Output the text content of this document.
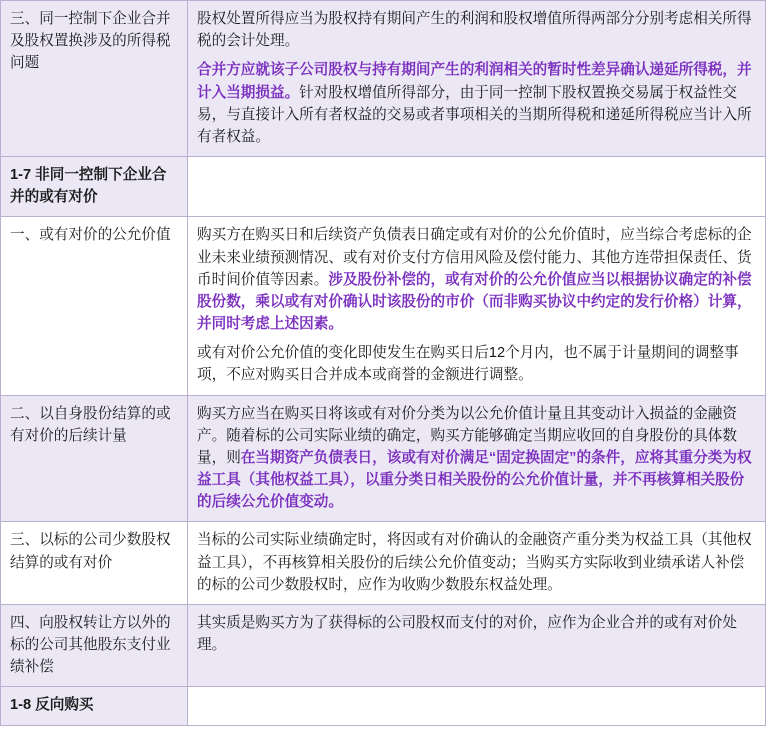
三、同一控制下企业合并及股权置换涉及的所得税问题	股权处置所得应当为股权持有期间产生的利润和股权增值所得两部分分别考虑相关所得税的会计处理。

合并方应就该子公司股权与持有期间产生的利润相关的暂时性差异确认递延所得税，并计入当期损益。针对股权增值所得部分，由于同一控制下股权置换交易属于权益性交易，与直接计入所有者权益的交易或者事项相关的当期所得税和递延所得税应当计入所有者权益。

1-7 非同一控制下企业合并的或有对价	
一、或有对价的公允价值	购买方在购买日和后续资产负债表日确定或有对价的公允价值时，应当综合考虑标的企业未来业绩预测情况、或有对价支付方信用风险及偿付能力、其他方连带担保责任、货币时间价值等因素。涉及股份补偿的，或有对价的公允价值应当以根据协议确定的补偿股份数，乘以或有对价确认时该股份的市价（而非购买协议中约定的发行价格）计算，并同时考虑上述因素。

或有对价公允价值的变化即使发生在购买日后12个月内，也不属于计量期间的调整事项，不应对购买日合并成本或商誉的金额进行调整。

二、以自身股份结算的或有对价的后续计量	购买方应当在购买日将该或有对价分类为以公允价值计量且其变动计入损益的金融资产。随着标的公司实际业绩的确定，购买方能够确定当期应收回的自身股份的具体数量，则在当期资产负债表日，该或有对价满足“固定换固定”的条件，应将其重分类为权益工具（其他权益工具），以重分类日相关股份的公允价值计量，并不再核算相关股份的后续公允价值变动。

三、以标的公司少数股权结算的或有对价	当标的公司实际业绩确定时，将因或有对价确认的金融资产重分类为权益工具（其他权益工具），不再核算相关股份的后续公允价值变动；当购买方实际收到业绩承诺人补偿的标的公司少数股权时，应作为收购少数股东权益处理。

四、向股权转让方以外的标的公司其他股东支付业绩补偿	其实质是购买方为了获得标的公司股权而支付的对价，应作为企业合并的或有对价处理。

1-8 反向购买	
